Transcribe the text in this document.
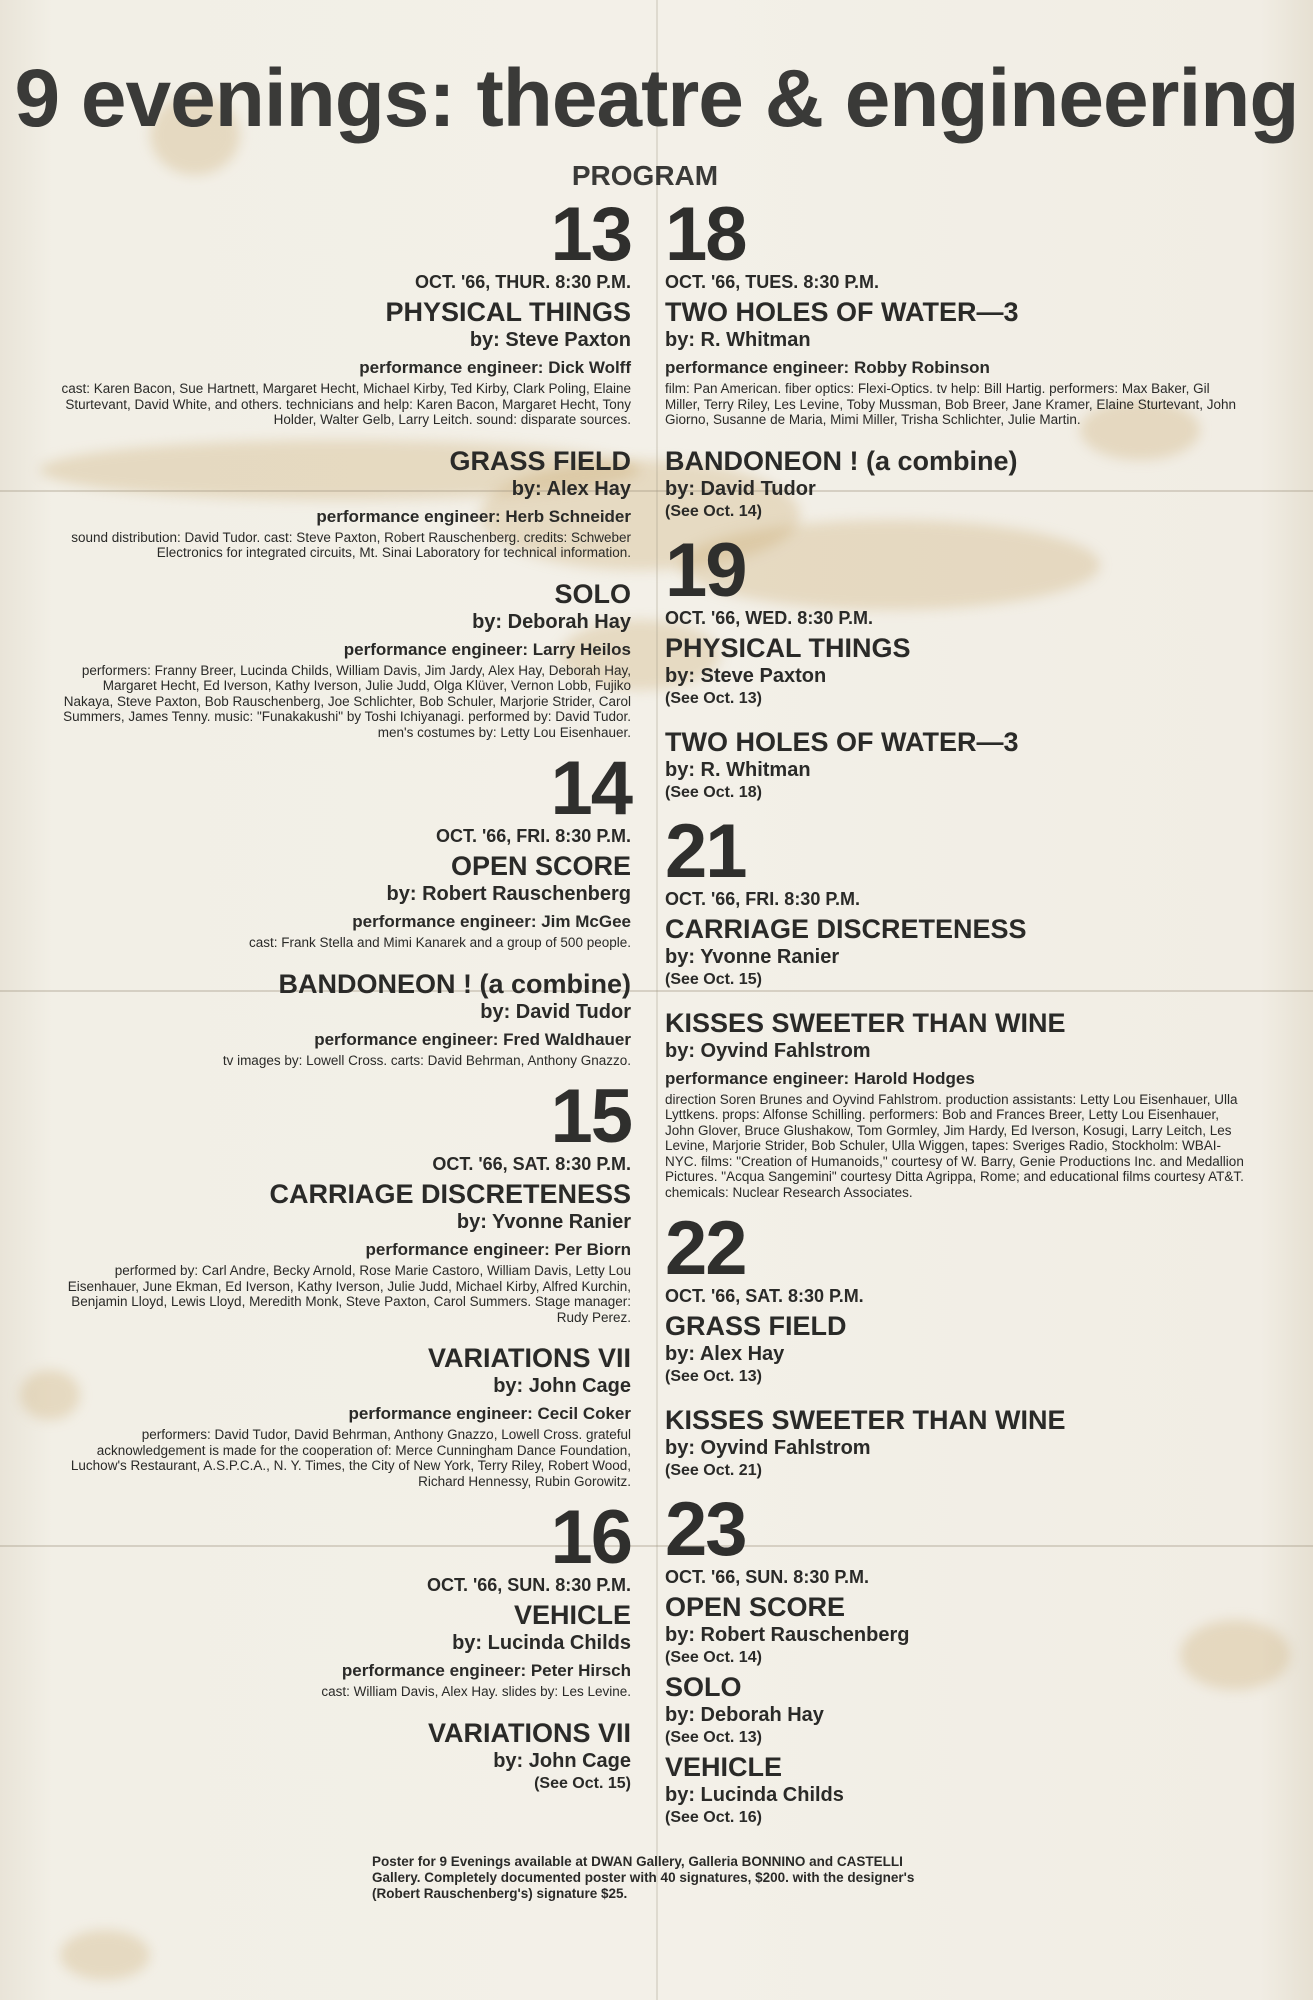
9 evenings: theatre & engineering
PROGRAM
13
OCT. '66, THUR. 8:30 P.M.
PHYSICAL THINGS
by: Steve Paxton
performance engineer: Dick Wolff
cast: Karen Bacon, Sue Hartnett, Margaret Hecht, Michael Kirby, Ted Kirby, Clark Poling, Elaine Sturtevant, David White, and others. technicians and help: Karen Bacon, Margaret Hecht, Tony Holder, Walter Gelb, Larry Leitch. sound: disparate sources.
GRASS FIELD
by: Alex Hay
performance engineer: Herb Schneider
sound distribution: David Tudor. cast: Steve Paxton, Robert Rauschenberg. credits: Schweber Electronics for integrated circuits, Mt. Sinai Laboratory for technical information.
SOLO
by: Deborah Hay
performance engineer: Larry Heilos
performers: Franny Breer, Lucinda Childs, William Davis, Jim Jardy, Alex Hay, Deborah Hay, Margaret Hecht, Ed Iverson, Kathy Iverson, Julie Judd, Olga Klüver, Vernon Lobb, Fujiko Nakaya, Steve Paxton, Bob Rauschenberg, Joe Schlichter, Bob Schuler, Marjorie Strider, Carol Summers, James Tenny. music: "Funakakushi" by Toshi Ichiyanagi. performed by: David Tudor. men's costumes by: Letty Lou Eisenhauer.
14
OCT. '66, FRI. 8:30 P.M.
OPEN SCORE
by: Robert Rauschenberg
performance engineer: Jim McGee
cast: Frank Stella and Mimi Kanarek and a group of 500 people.
BANDONEON ! (a combine)
by: David Tudor
performance engineer: Fred Waldhauer
tv images by: Lowell Cross. carts: David Behrman, Anthony Gnazzo.
15
OCT. '66, SAT. 8:30 P.M.
CARRIAGE DISCRETENESS
by: Yvonne Ranier
performance engineer: Per Biorn
performed by: Carl Andre, Becky Arnold, Rose Marie Castoro, William Davis, Letty Lou Eisenhauer, June Ekman, Ed Iverson, Kathy Iverson, Julie Judd, Michael Kirby, Alfred Kurchin, Benjamin Lloyd, Lewis Lloyd, Meredith Monk, Steve Paxton, Carol Summers. Stage manager: Rudy Perez.
VARIATIONS VII
by: John Cage
performance engineer: Cecil Coker
performers: David Tudor, David Behrman, Anthony Gnazzo, Lowell Cross. grateful acknowledgement is made for the cooperation of: Merce Cunningham Dance Foundation, Luchow's Restaurant, A.S.P.C.A., N. Y. Times, the City of New York, Terry Riley, Robert Wood, Richard Hennessy, Rubin Gorowitz.
16
OCT. '66, SUN. 8:30 P.M.
VEHICLE
by: Lucinda Childs
performance engineer: Peter Hirsch
cast: William Davis, Alex Hay. slides by: Les Levine.
VARIATIONS VII
by: John Cage
(See Oct. 15)
18
OCT. '66, TUES. 8:30 P.M.
TWO HOLES OF WATER—3
by: R. Whitman
performance engineer: Robby Robinson
film: Pan American. fiber optics: Flexi-Optics. tv help: Bill Hartig. performers: Max Baker, Gil Miller, Terry Riley, Les Levine, Toby Mussman, Bob Breer, Jane Kramer, Elaine Sturtevant, John Giorno, Susanne de Maria, Mimi Miller, Trisha Schlichter, Julie Martin.
BANDONEON ! (a combine)
by: David Tudor
(See Oct. 14)
19
OCT. '66, WED. 8:30 P.M.
PHYSICAL THINGS
by: Steve Paxton
(See Oct. 13)
TWO HOLES OF WATER—3
by: R. Whitman
(See Oct. 18)
21
OCT. '66, FRI. 8:30 P.M.
CARRIAGE DISCRETENESS
by: Yvonne Ranier
(See Oct. 15)
KISSES SWEETER THAN WINE
by: Oyvind Fahlstrom
performance engineer: Harold Hodges
direction Soren Brunes and Oyvind Fahlstrom. production assistants: Letty Lou Eisenhauer, Ulla Lyttkens. props: Alfonse Schilling. performers: Bob and Frances Breer, Letty Lou Eisenhauer, John Glover, Bruce Glushakow, Tom Gormley, Jim Hardy, Ed Iverson, Kosugi, Larry Leitch, Les Levine, Marjorie Strider, Bob Schuler, Ulla Wiggen, tapes: Sveriges Radio, Stockholm: WBAI-NYC. films: "Creation of Humanoids," courtesy of W. Barry, Genie Productions Inc. and Medallion Pictures. "Acqua Sangemini" courtesy Ditta Agrippa, Rome; and educational films courtesy AT&T. chemicals: Nuclear Research Associates.
22
OCT. '66, SAT. 8:30 P.M.
GRASS FIELD
by: Alex Hay
(See Oct. 13)
KISSES SWEETER THAN WINE
by: Oyvind Fahlstrom
(See Oct. 21)
23
OCT. '66, SUN. 8:30 P.M.
OPEN SCORE
by: Robert Rauschenberg
(See Oct. 14)
SOLO
by: Deborah Hay
(See Oct. 13)
VEHICLE
by: Lucinda Childs
(See Oct. 16)
Poster for 9 Evenings available at DWAN Gallery, Galleria BONNINO and CASTELLI Gallery. Completely documented poster with 40 signatures, $200. with the designer's (Robert Rauschenberg's) signature $25.
